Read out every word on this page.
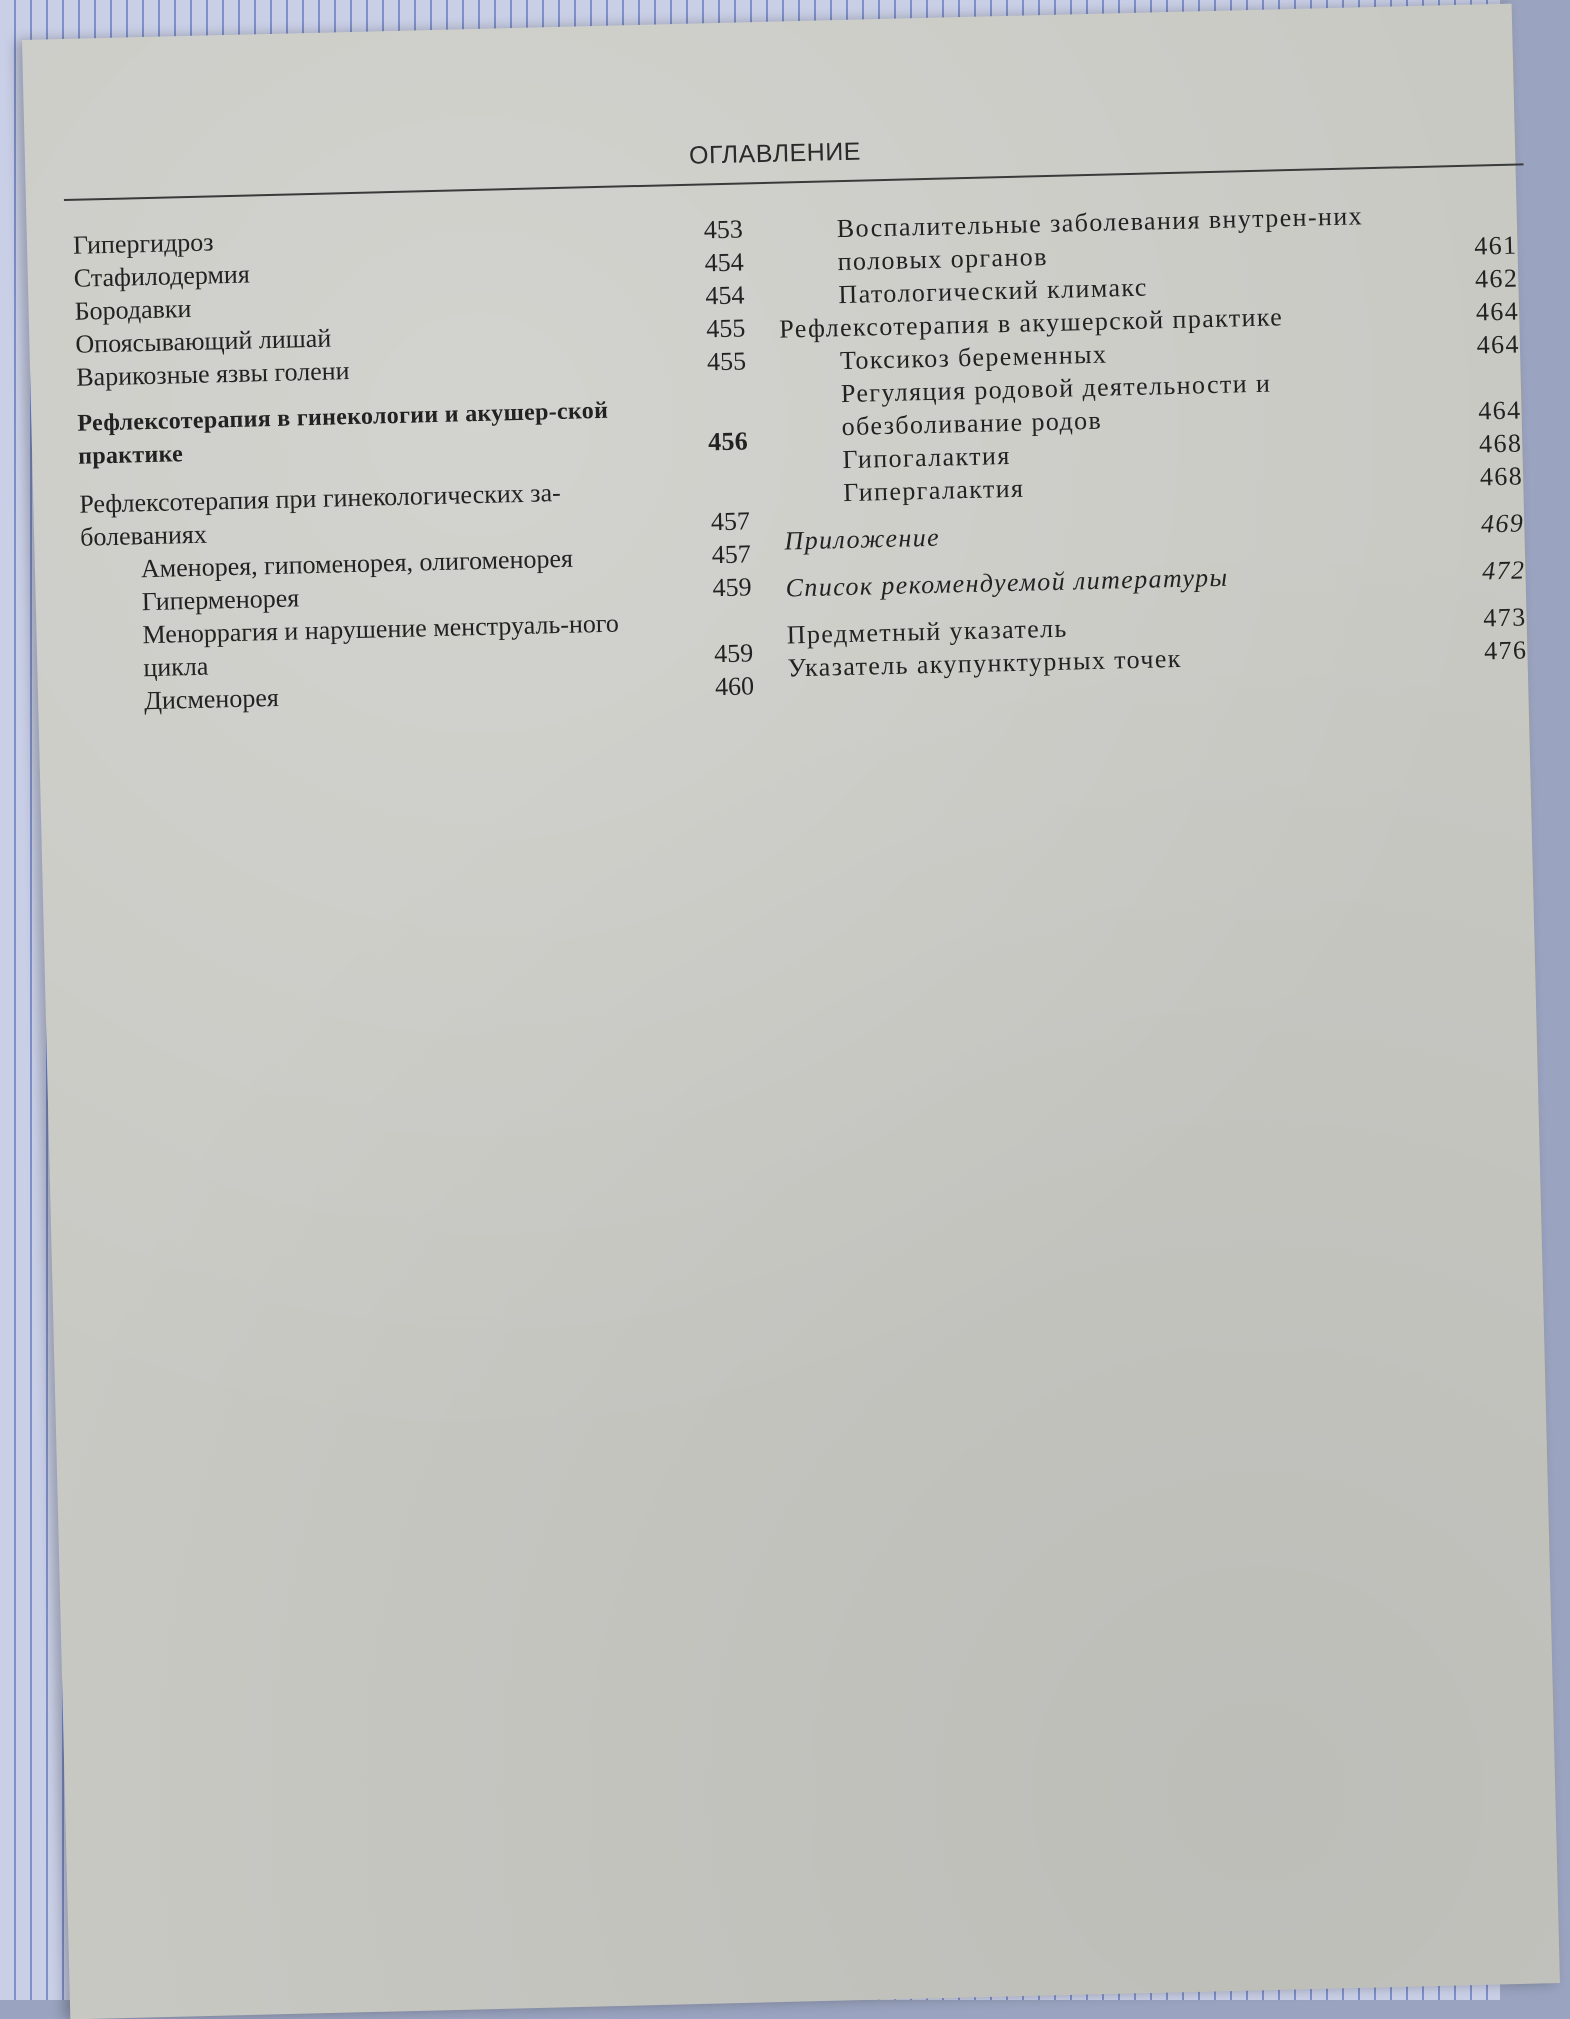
ОГЛАВЛЕНИЕ
Гипергидроз	453
Стафилодермия	454
Бородавки	454
Опоясывающий лишай	455
Варикозные язвы голени	455
Рефлексотерапия в гинекологии и акушер-ской практике	456
Рефлексотерапия при гинекологических за-болеваниях	457
Аменорея, гипоменорея, олигоменорея	457
Гиперменорея	459
Меноррагия и нарушение менструаль-ного цикла	459
Дисменорея	460
Воспалительные заболевания внутрен-них половых органов	461
Патологический климакс	462
Рефлексотерапия в акушерской практике	464
Токсикоз беременных	464
Регуляция родовой деятельности и обезболивание родов	464
Гипогалактия	468
Гипергалактия	468
Приложение	469
Список рекомендуемой литературы	472
Предметный указатель	473
Указатель акупунктурных точек	476
